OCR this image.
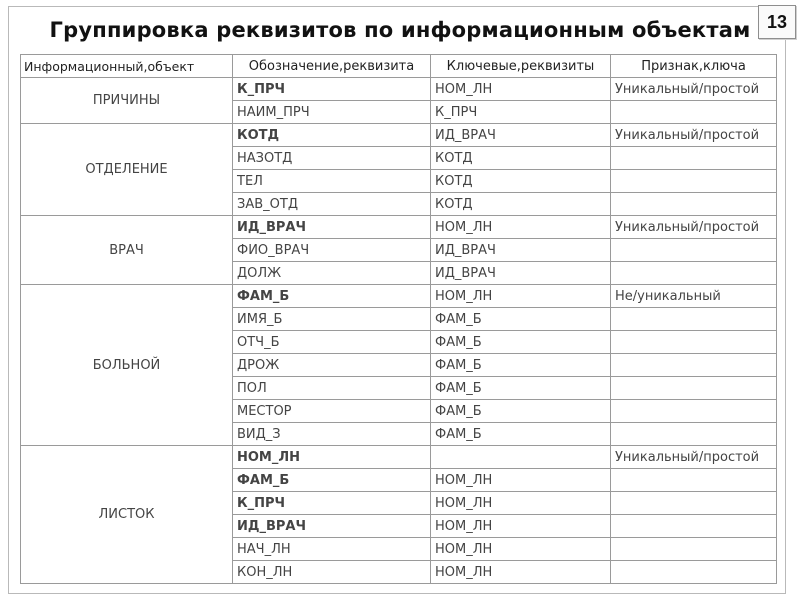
Группировка реквизитов по информационным объектам 13
Информационный,объект	Обозначение,реквизита	Ключевые,реквизиты	Признак,ключа
ПРИЧИНЫ	К_ПРЧ	НОМ_ЛН	Уникальный/простой
	НАИМ_ПРЧ	К_ПРЧ	
ОТДЕЛЕНИЕ	КОТД	ИД_ВРАЧ	Уникальный/простой
	НАЗОТД	КОТД	
	ТЕЛ	КОТД	
	ЗАВ_ОТД	КОТД	
ВРАЧ	ИД_ВРАЧ	НОМ_ЛН	Уникальный/простой
	ФИО_ВРАЧ	ИД_ВРАЧ	
	ДОЛЖ	ИД_ВРАЧ	
БОЛЬНОЙ	ФАМ_Б	НОМ_ЛН	Не/уникальный
	ИМЯ_Б	ФАМ_Б	
	ОТЧ_Б	ФАМ_Б	
	ДРОЖ	ФАМ_Б	
	ПОЛ	ФАМ_Б	
	МЕСТОР	ФАМ_Б	
	ВИД_З	ФАМ_Б	
ЛИСТОК	НОМ_ЛН		Уникальный/простой
	ФАМ_Б	НОМ_ЛН	
	К_ПРЧ	НОМ_ЛН	
	ИД_ВРАЧ	НОМ_ЛН	
	НАЧ_ЛН	НОМ_ЛН	
	КОН_ЛН	НОМ_ЛН	
